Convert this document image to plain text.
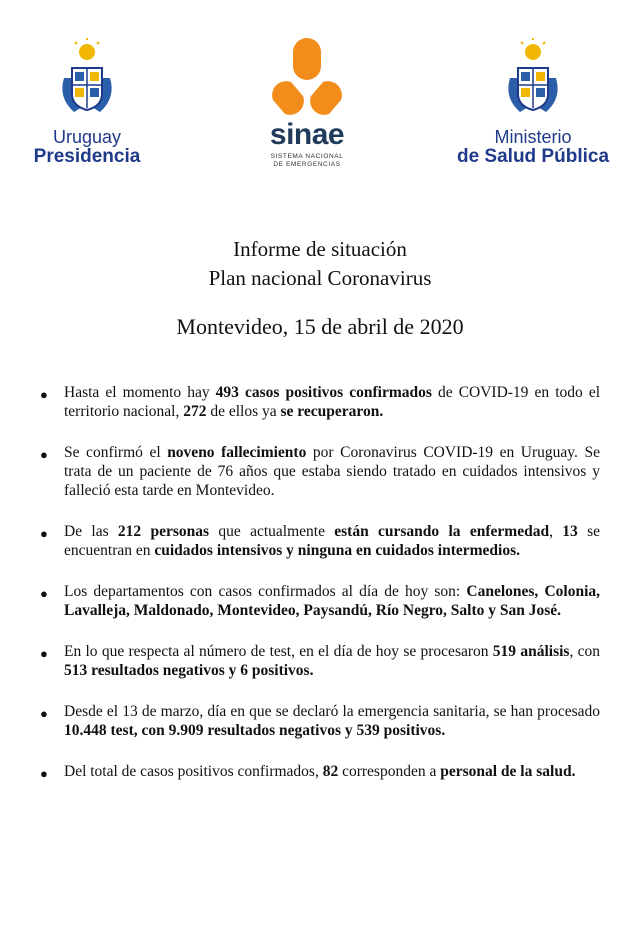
Uruguay
Presidencia
sinae
SISTEMA NACIONAL
DE EMERGENCIAS
Ministerio
de Salud Pública
Informe de situación
Plan nacional Coronavirus
Montevideo, 15 de abril de 2020
● Hasta el momento hay 493 casos positivos confirmados de COVID-19 en todo el territorio nacional, 272 de ellos ya se recuperaron.
● Se confirmó el noveno fallecimiento por Coronavirus COVID-19 en Uruguay. Se trata de un paciente de 76 años que estaba siendo tratado en cuidados intensivos y falleció esta tarde en Montevideo.
● De las 212 personas que actualmente están cursando la enfermedad, 13 se encuentran en cuidados intensivos y ninguna en cuidados intermedios.
● Los departamentos con casos confirmados al día de hoy son: Canelones, Colonia, Lavalleja, Maldonado, Montevideo, Paysandú, Río Negro, Salto y San José.
● En lo que respecta al número de test, en el día de hoy se procesaron 519 análisis, con 513 resultados negativos y 6 positivos.
● Desde el 13 de marzo, día en que se declaró la emergencia sanitaria, se han procesado 10.448 test, con 9.909 resultados negativos y 539 positivos.
● Del total de casos positivos confirmados, 82 corresponden a personal de la salud.
